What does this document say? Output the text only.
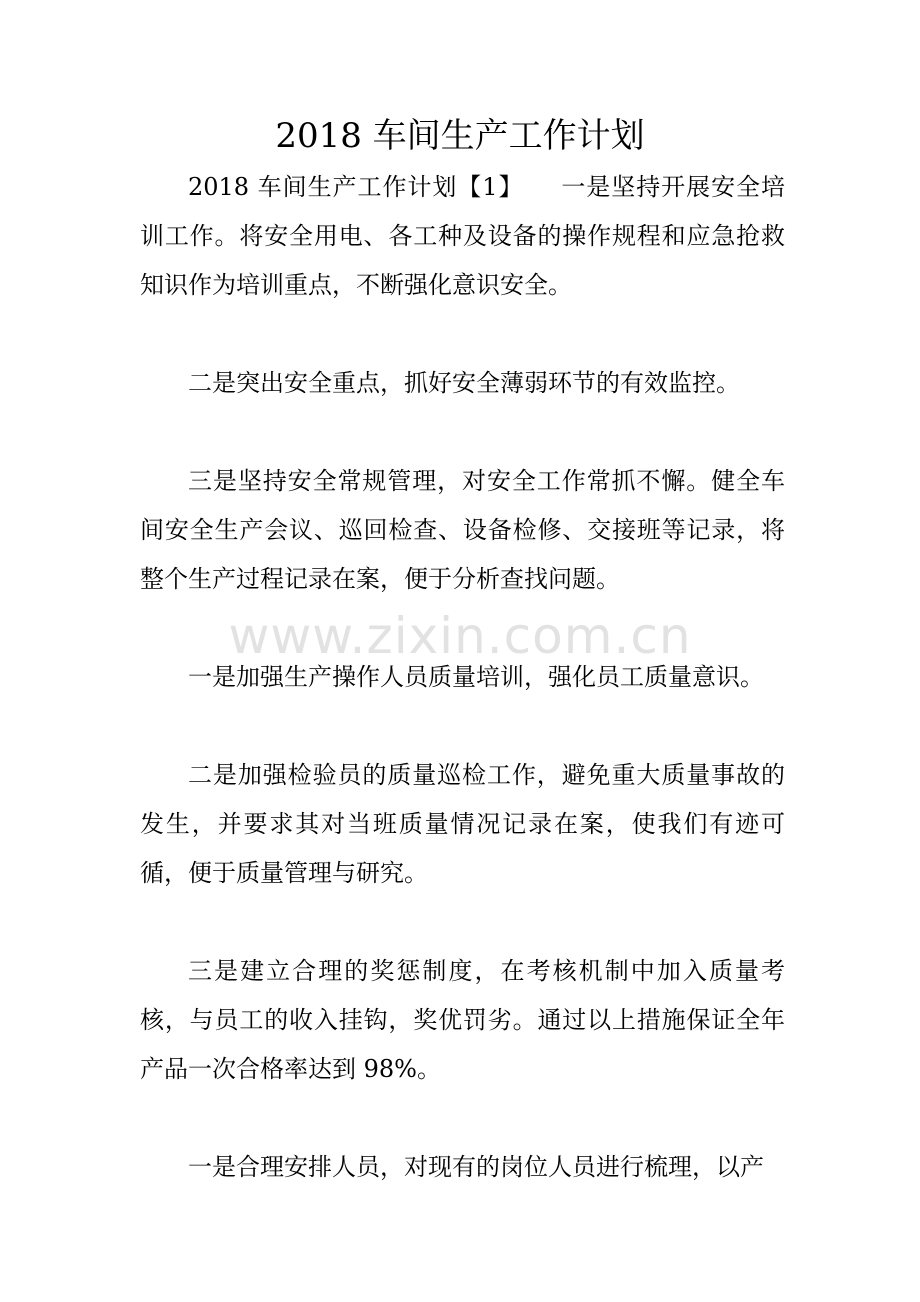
2018 车间生产工作计划

2018 车间生产工作计划【1】　　一是坚持开展安全培训工作。将安全用电、各工种及设备的操作规程和应急抢救知识作为培训重点，不断强化意识安全。

二是突出安全重点，抓好安全薄弱环节的有效监控。

三是坚持安全常规管理，对安全工作常抓不懈。健全车间安全生产会议、巡回检查、设备检修、交接班等记录，将整个生产过程记录在案，便于分析查找问题。

一是加强生产操作人员质量培训，强化员工质量意识。

二是加强检验员的质量巡检工作，避免重大质量事故的发生，并要求其对当班质量情况记录在案，使我们有迹可循，便于质量管理与研究。

三是建立合理的奖惩制度，在考核机制中加入质量考核，与员工的收入挂钩，奖优罚劣。通过以上措施保证全年产品一次合格率达到 98%。

一是合理安排人员，对现有的岗位人员进行梳理，以产

www.zixin.com.cn
